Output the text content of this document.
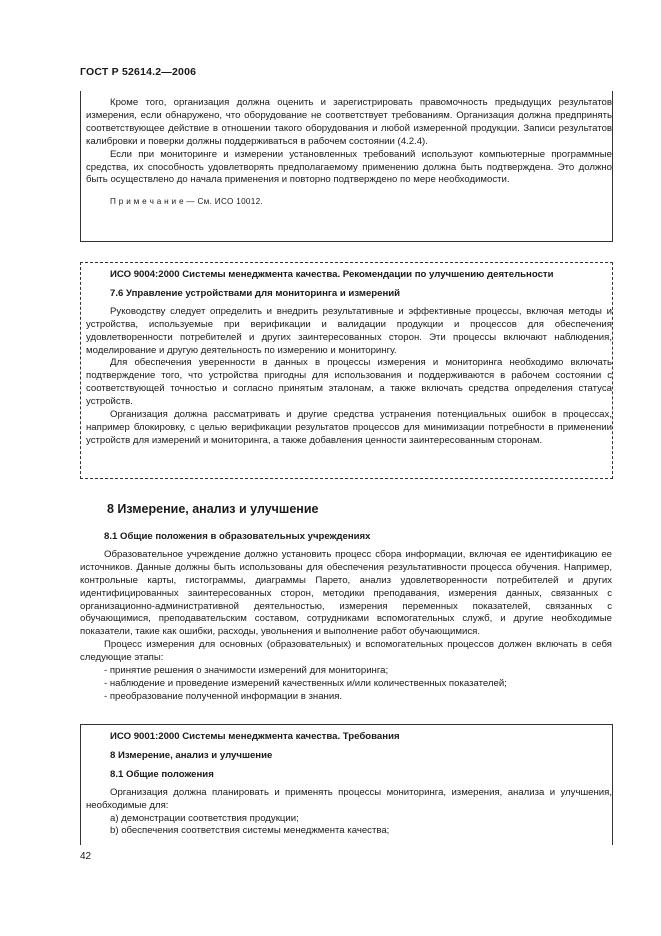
ГОСТ Р 52614.2—2006

Кроме того, организация должна оценить и зарегистрировать правомочность предыдущих результатов измерения, если обнаружено, что оборудование не соответствует требованиям. Организация должна предпринять соответствующее действие в отношении такого оборудования и любой измеренной продукции. Записи результатов калибровки и поверки должны поддерживаться в рабочем состоянии (4.2.4).

Если при мониторинге и измерении установленных требований используют компьютерные программные средства, их способность удовлетворять предполагаемому применению должна быть подтверждена. Это должно быть осуществлено до начала применения и повторно подтверждено по мере необходимости.

П р и м е ч а н и е — См. ИСО 10012.

ИСО 9004:2000 Системы менеджмента качества. Рекомендации по улучшению деятельности

7.6 Управление устройствами для мониторинга и измерений

Руководству следует определить и внедрить результативные и эффективные процессы, включая методы и устройства, используемые при верификации и валидации продукции и процессов для обеспечения удовлетворенности потребителей и других заинтересованных сторон. Эти процессы включают наблюдения, моделирование и другую деятельность по измерению и мониторингу.

Для обеспечения уверенности в данных в процессы измерения и мониторинга необходимо включать подтверждение того, что устройства пригодны для использования и поддерживаются в рабочем состоянии с соответствующей точностью и согласно принятым эталонам, а также включать средства определения статуса устройств.

Организация должна рассматривать и другие средства устранения потенциальных ошибок в процессах, например блокировку, с целью верификации результатов процессов для минимизации потребности в применении устройств для измерений и мониторинга, а также добавления ценности заинтересованным сторонам.

8 Измерение, анализ и улучшение

8.1 Общие положения в образовательных учреждениях

Образовательное учреждение должно установить процесс сбора информации, включая ее идентификацию ее источников. Данные должны быть использованы для обеспечения результативности процесса обучения. Например, контрольные карты, гистограммы, диаграммы Парето, анализ удовлетворенности потребителей и других идентифицированных заинтересованных сторон, методики преподавания, измерения данных, связанных с организационно-административной деятельностью, измерения переменных показателей, связанных с обучающимися, преподавательским составом, сотрудниками вспомогательных служб, и другие необходимые показатели, такие как ошибки, расходы, увольнения и выполнение работ обучающимися.

Процесс измерения для основных (образовательных) и вспомогательных процессов должен включать в себя следующие этапы:

- принятие решения о значимости измерений для мониторинга;

- наблюдение и проведение измерений качественных и/или количественных показателей;

- преобразование полученной информации в знания.

ИСО 9001:2000 Системы менеджмента качества. Требования

8 Измерение, анализ и улучшение

8.1 Общие положения

Организация должна планировать и применять процессы мониторинга, измерения, анализа и улучшения, необходимые для:

a) демонстрации соответствия продукции;

b) обеспечения соответствия системы менеджмента качества;

42
